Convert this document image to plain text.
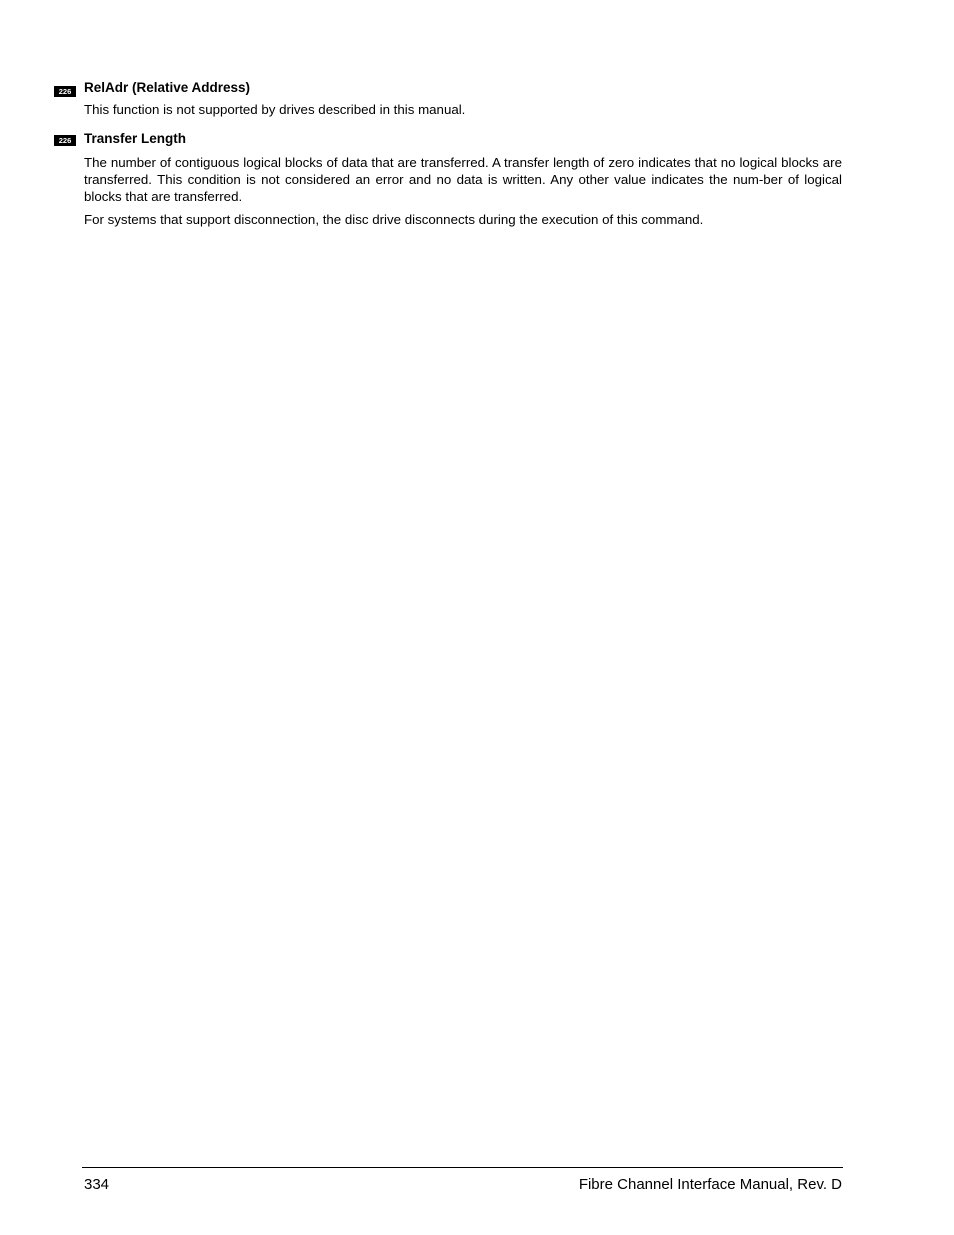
226 RelAdr (Relative Address)

This function is not supported by drives described in this manual.

226 Transfer Length

The number of contiguous logical blocks of data that are transferred. A transfer length of zero indicates that no logical blocks are transferred. This condition is not considered an error and no data is written. Any other value indicates the num-ber of logical blocks that are transferred.

For systems that support disconnection, the disc drive disconnects during the execution of this command.

334	Fibre Channel Interface Manual, Rev. D
